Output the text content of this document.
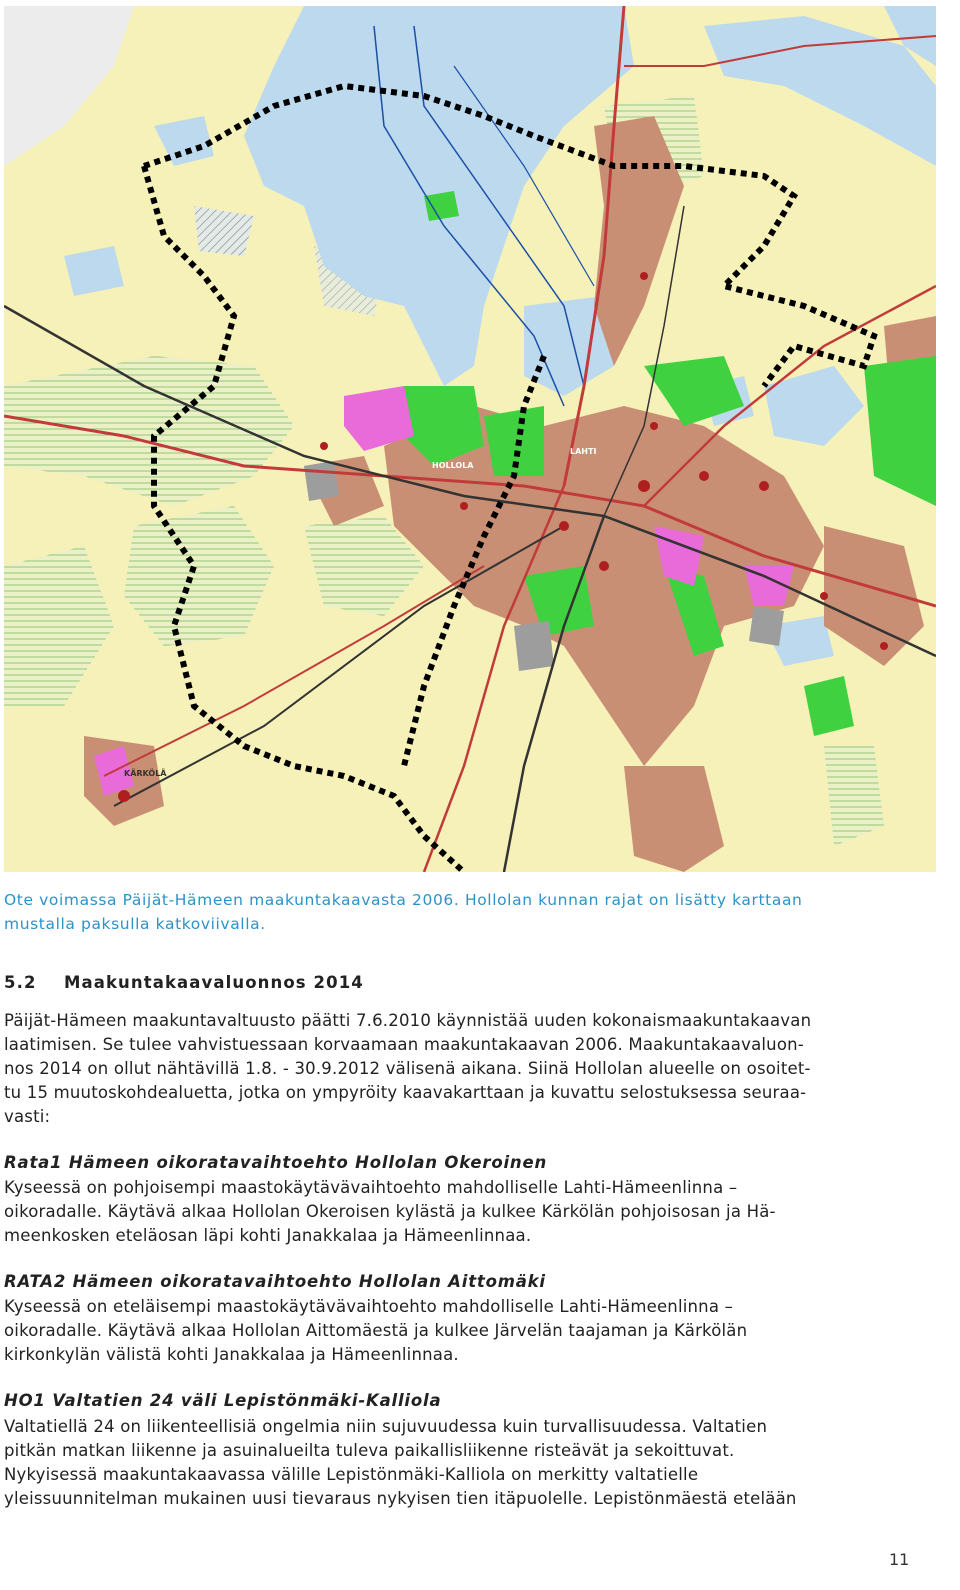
HOLLOLA
LAHTI
KÄRKÖLÄ
Ote voimassa Päijät-Hämeen maakuntakaavasta 2006. Hollolan kunnan rajat on lisätty karttaan
mustalla paksulla katkoviivalla.
5.2 Maakuntakaavaluonnos 2014
Päijät-Hämeen maakuntavaltuusto päätti 7.6.2010 käynnistää uuden kokonaismaakuntakaavan
laatimisen. Se tulee vahvistuessaan korvaamaan maakuntakaavan 2006. Maakuntakaavaluon-
nos 2014 on ollut nähtävillä 1.8. - 30.9.2012 välisenä aikana. Siinä Hollolan alueelle on osoitet-
tu 15 muutoskohdealuetta, jotka on ympyröity kaavakarttaan ja kuvattu selostuksessa seuraa-
vasti:
Rata1 Hämeen oikoratavaihtoehto Hollolan Okeroinen
Kyseessä on pohjoisempi maastokäytävävaihtoehto mahdolliselle Lahti-Hämeenlinna –
oikoradalle. Käytävä alkaa Hollolan Okeroisen kylästä ja kulkee Kärkölän pohjoisosan ja Hä-
meenkosken eteläosan läpi kohti Janakkalaa ja Hämeenlinnaa.
RATA2 Hämeen oikoratavaihtoehto Hollolan Aittomäki
Kyseessä on eteläisempi maastokäytävävaihtoehto mahdolliselle Lahti-Hämeenlinna –
oikoradalle. Käytävä alkaa Hollolan Aittomäestä ja kulkee Järvelän taajaman ja Kärkölän
kirkonkylän välistä kohti Janakkalaa ja Hämeenlinnaa.
HO1 Valtatien 24 väli Lepistönmäki-Kalliola
Valtatiellä 24 on liikenteellisiä ongelmia niin sujuvuudessa kuin turvallisuudessa. Valtatien
pitkän matkan liikenne ja asuinalueilta tuleva paikallisliikenne risteävät ja sekoittuvat.
Nykyisessä maakuntakaavassa välille Lepistönmäki-Kalliola on merkitty valtatielle
yleissuunnitelman mukainen uusi tievaraus nykyisen tien itäpuolelle. Lepistönmäestä etelään
11
